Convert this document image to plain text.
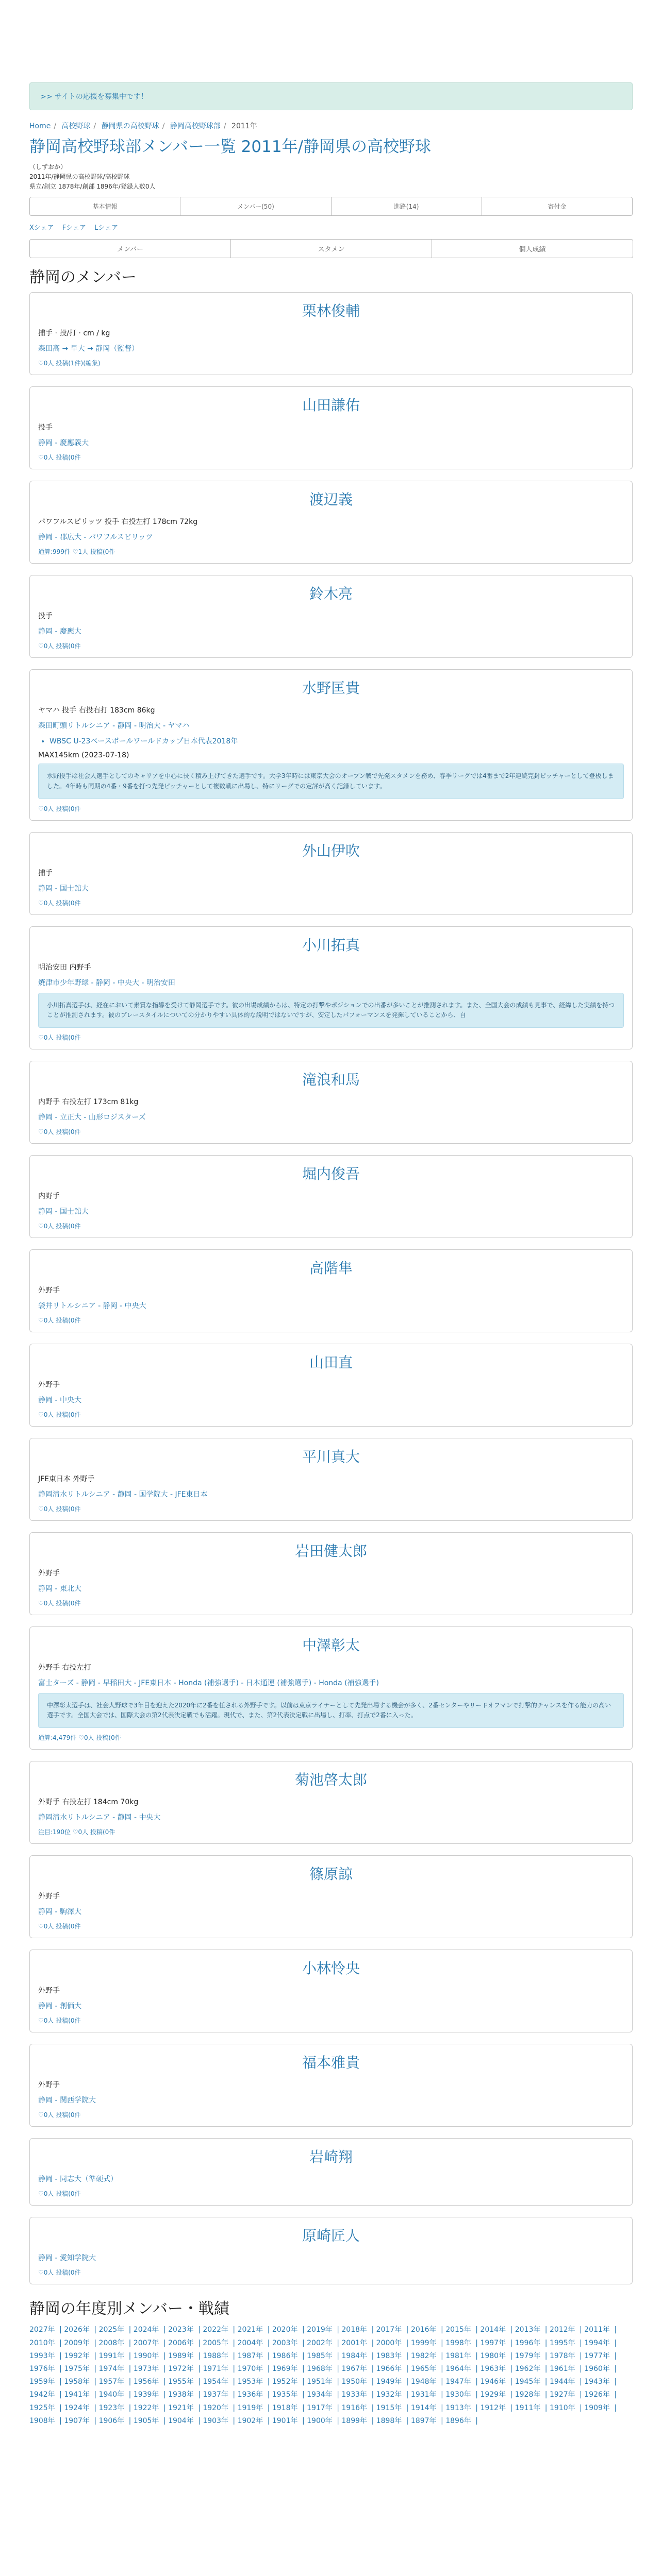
>> サイトの応援を募集中です！
Home / 高校野球 / 静岡県の高校野球 / 静岡高校野球部 / 2011年
静岡高校野球部メンバー一覧 2011年/静岡県の高校野球
（しずおか）
2011年/静岡県の高校野球/高校野球
県立/創立 1878年/創部 1896年/登録人数0人
基本情報	メンバー(50)	進路(14)	寄付金
Xシェア Fシェア Lシェア
メンバー	スタメン	個人成績
静岡のメンバー
栗林俊輔
捕手 · 投/打 · cm / kg
森田高 → 早大 → 静岡（監督）
♡0人 投稿(1件)(編集)
山田謙佑
投手
静岡 - 慶應義大
♡0人 投稿(0件
渡辺義
パワフルスピリッツ 投手 右投左打 178cm 72kg
静岡 - 郡広大 - パワフルスピリッツ
通算:999件 ♡1人 投稿(0件
鈴木亮
投手
静岡 - 慶應大
♡0人 投稿(0件
水野匡貴
ヤマハ 投手 右投右打 183cm 86kg
森田町頭リトルシニア - 静岡 - 明治大 - ヤマハ
• WBSC U-23ベースボールワールドカップ日本代表2018年
MAX145km (2023-07-18)
水野投手は社会人選手としてのキャリアを中心に長く積み上げてきた選手です。大学3年時には東京大会のオープン戦で先発スタメンを務め、春季リーグでは4番まで2年連続完封ピッチャーとして登板しました。4年時も同期の4番・9番を打つ先発ピッチャーとして複数戦に出場し、特にリーグでの定評が高く記録しています。
♡0人 投稿(0件
外山伊吹
捕手
静岡 - 国士舘大
♡0人 投稿(0件
小川拓真
明治安田 内野手
焼津市少年野球 - 静岡 - 中央大 - 明治安田
小川拓真選手は、経在において素質な指導を受けて静岡選手です。彼の出場成績からは、特定の打撃やポジションでの出番が多いことが推測されます。また、全国大会の成績も見事で、経緯した実績を持つことが推測されます。彼のプレースタイルについての分かりやすい具体的な説明ではないですが、安定したパフォーマンスを発揮していることから、自
♡0人 投稿(0件
滝浪和馬
内野手 右投左打 173cm 81kg
静岡 - 立正大 - 山形ロジスターズ
♡0人 投稿(0件
堀内俊吾
内野手
静岡 - 国士舘大
♡0人 投稿(0件
高階隼
外野手
袋井リトルシニア - 静岡 - 中央大
♡0人 投稿(0件
山田直
外野手
静岡 - 中央大
♡0人 投稿(0件
平川真大
JFE東日本 外野手
静岡清水リトルシニア - 静岡 - 国学院大 - JFE東日本
♡0人 投稿(0件
岩田健太郎
外野手
静岡 - 東北大
♡0人 投稿(0件
中澤彰太
外野手 右投左打
富士ターズ - 静岡 - 早稲田大 - JFE東日本 - Honda (補強選手) - 日本通運 (補強選手) - Honda (補強選手)
中澤彰太選手は、社会人野球で3年目を迎えた2020年に2番を任される外野手です。以前は東京ライナーとして先発出場する機会が多く、2番センターやリードオフマンで打撃的チャンスを作る能力の高い選手です。全国大会では、国際大会の第2代表決定戦でも活躍。現代で、また、第2代表決定戦に出場し、打率、打点で2番に入った。
通算:4,479件 ♡0人 投稿(0件
菊池啓太郎
外野手 右投左打 184cm 70kg
静岡清水リトルシニア - 静岡 - 中央大
注目:190位 ♡0人 投稿(0件
篠原諒
外野手
静岡 - 駒澤大
♡0人 投稿(0件
小林怜央
外野手
静岡 - 創価大
♡0人 投稿(0件
福本雅貴
外野手
静岡 - 関西学院大
♡0人 投稿(0件
岩崎翔
静岡 - 同志大（準硬式）
♡0人 投稿(0件
原崎匠人
静岡 - 愛知学院大
♡0人 投稿(0件
静岡の年度別メンバー・戦績
2027年 | 2026年 | 2025年 | 2024年 | 2023年 | 2022年 | 2021年 | 2020年 | 2019年 | 2018年 | 2017年 | 2016年 | 2015年 | 2014年 | 2013年 | 2012年 | 2011年 | 2010年 | 2009年 | 2008年 | 2007年 | 2006年 | 2005年 | 2004年 | 2003年 | 2002年 | 2001年 | 2000年 | 1999年 | 1998年 | 1997年 | 1996年 | 1995年 | 1994年 | 1993年 | 1992年 | 1991年 | 1990年 | 1989年 | 1988年 | 1987年 | 1986年 | 1985年 | 1984年 | 1983年 | 1982年 | 1981年 | 1980年 | 1979年 | 1978年 | 1977年 | 1976年 | 1975年 | 1974年 | 1973年 | 1972年 | 1971年 | 1970年 | 1969年 | 1968年 | 1967年 | 1966年 | 1965年 | 1964年 | 1963年 | 1962年 | 1961年 | 1960年 | 1959年 | 1958年 | 1957年 | 1956年 | 1955年 | 1954年 | 1953年 | 1952年 | 1951年 | 1950年 | 1949年 | 1948年 | 1947年 | 1946年 | 1945年 | 1944年 | 1943年 | 1942年 | 1941年 | 1940年 | 1939年 | 1938年 | 1937年 | 1936年 | 1935年 | 1934年 | 1933年 | 1932年 | 1931年 | 1930年 | 1929年 | 1928年 | 1927年 | 1926年 | 1925年 | 1924年 | 1923年 | 1922年 | 1921年 | 1920年 | 1919年 | 1918年 | 1917年 | 1916年 | 1915年 | 1914年 | 1913年 | 1912年 | 1911年 | 1910年 | 1909年 | 1908年 | 1907年 | 1906年 | 1905年 | 1904年 | 1903年 | 1902年 | 1901年 | 1900年 | 1899年 | 1898年 | 1897年 | 1896年 |
